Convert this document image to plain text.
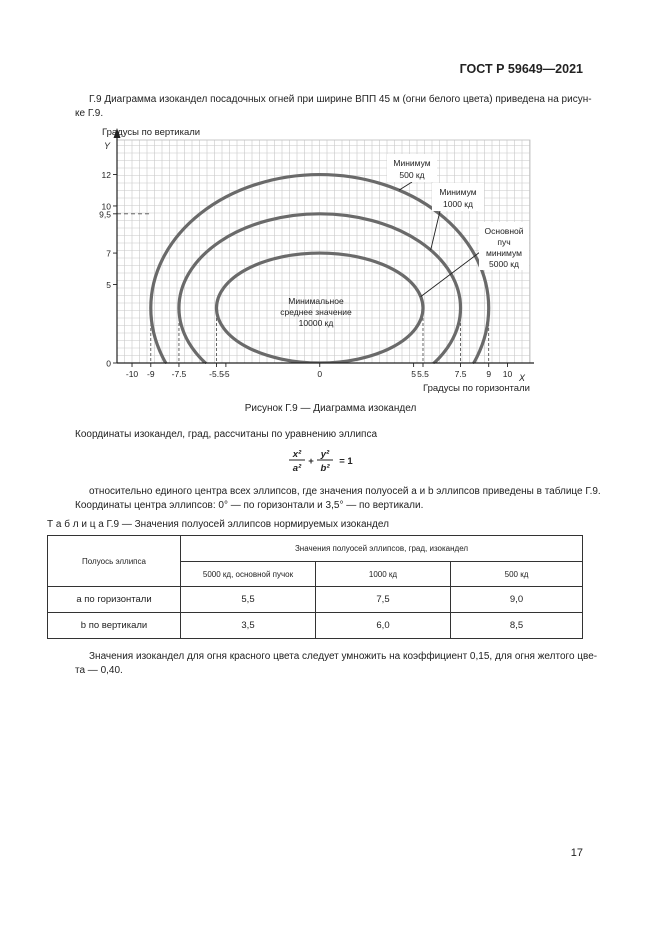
ГОСТ Р 59649—2021
Г.9 Диаграмма изокандел посадочных огней при ширине ВПП 45 м (огни белого цвета) приведена на рисун-
ке Г.9.
0
5
7
9,5
10
12
-10 -9 -7.5	-5.5
-5	0	5 5.5	7.5 9 10
Градусы по вертикали
Y
X
Градусы по горизонтали
Минимум
500 кд
Минимум
1000 кд
Основной
пуч
минимум
5000 кд
Минимальное
среднее значение
10000 кд
Рисунок Г.9 — Диаграмма изокандел
Координаты изокандел, град, рассчитаны по уравнению эллипса
x²
a²
+
y²
b²
= 1
относительно единого центра всех эллипсов, где значения полуосей a и b эллипсов приведены в таблице Г.9.
Координаты центра эллипсов: 0° — по горизонтали и 3,5° — по вертикали.
Т а б л и ц а Г.9 — Значения полуосей эллипсов нормируемых изокандел
Полуось эллипса	Значения полуосей эллипсов, град, изокандел		
	5000 кд, основной пучок	1000 кд	500 кд
a по горизонтали	5,5	7,5	9,0
b по вертикали	3,5	6,0	8,5
Значения изокандел для огня красного цвета следует умножить на коэффициент 0,15, для огня желтого цве-
та — 0,40.
17
